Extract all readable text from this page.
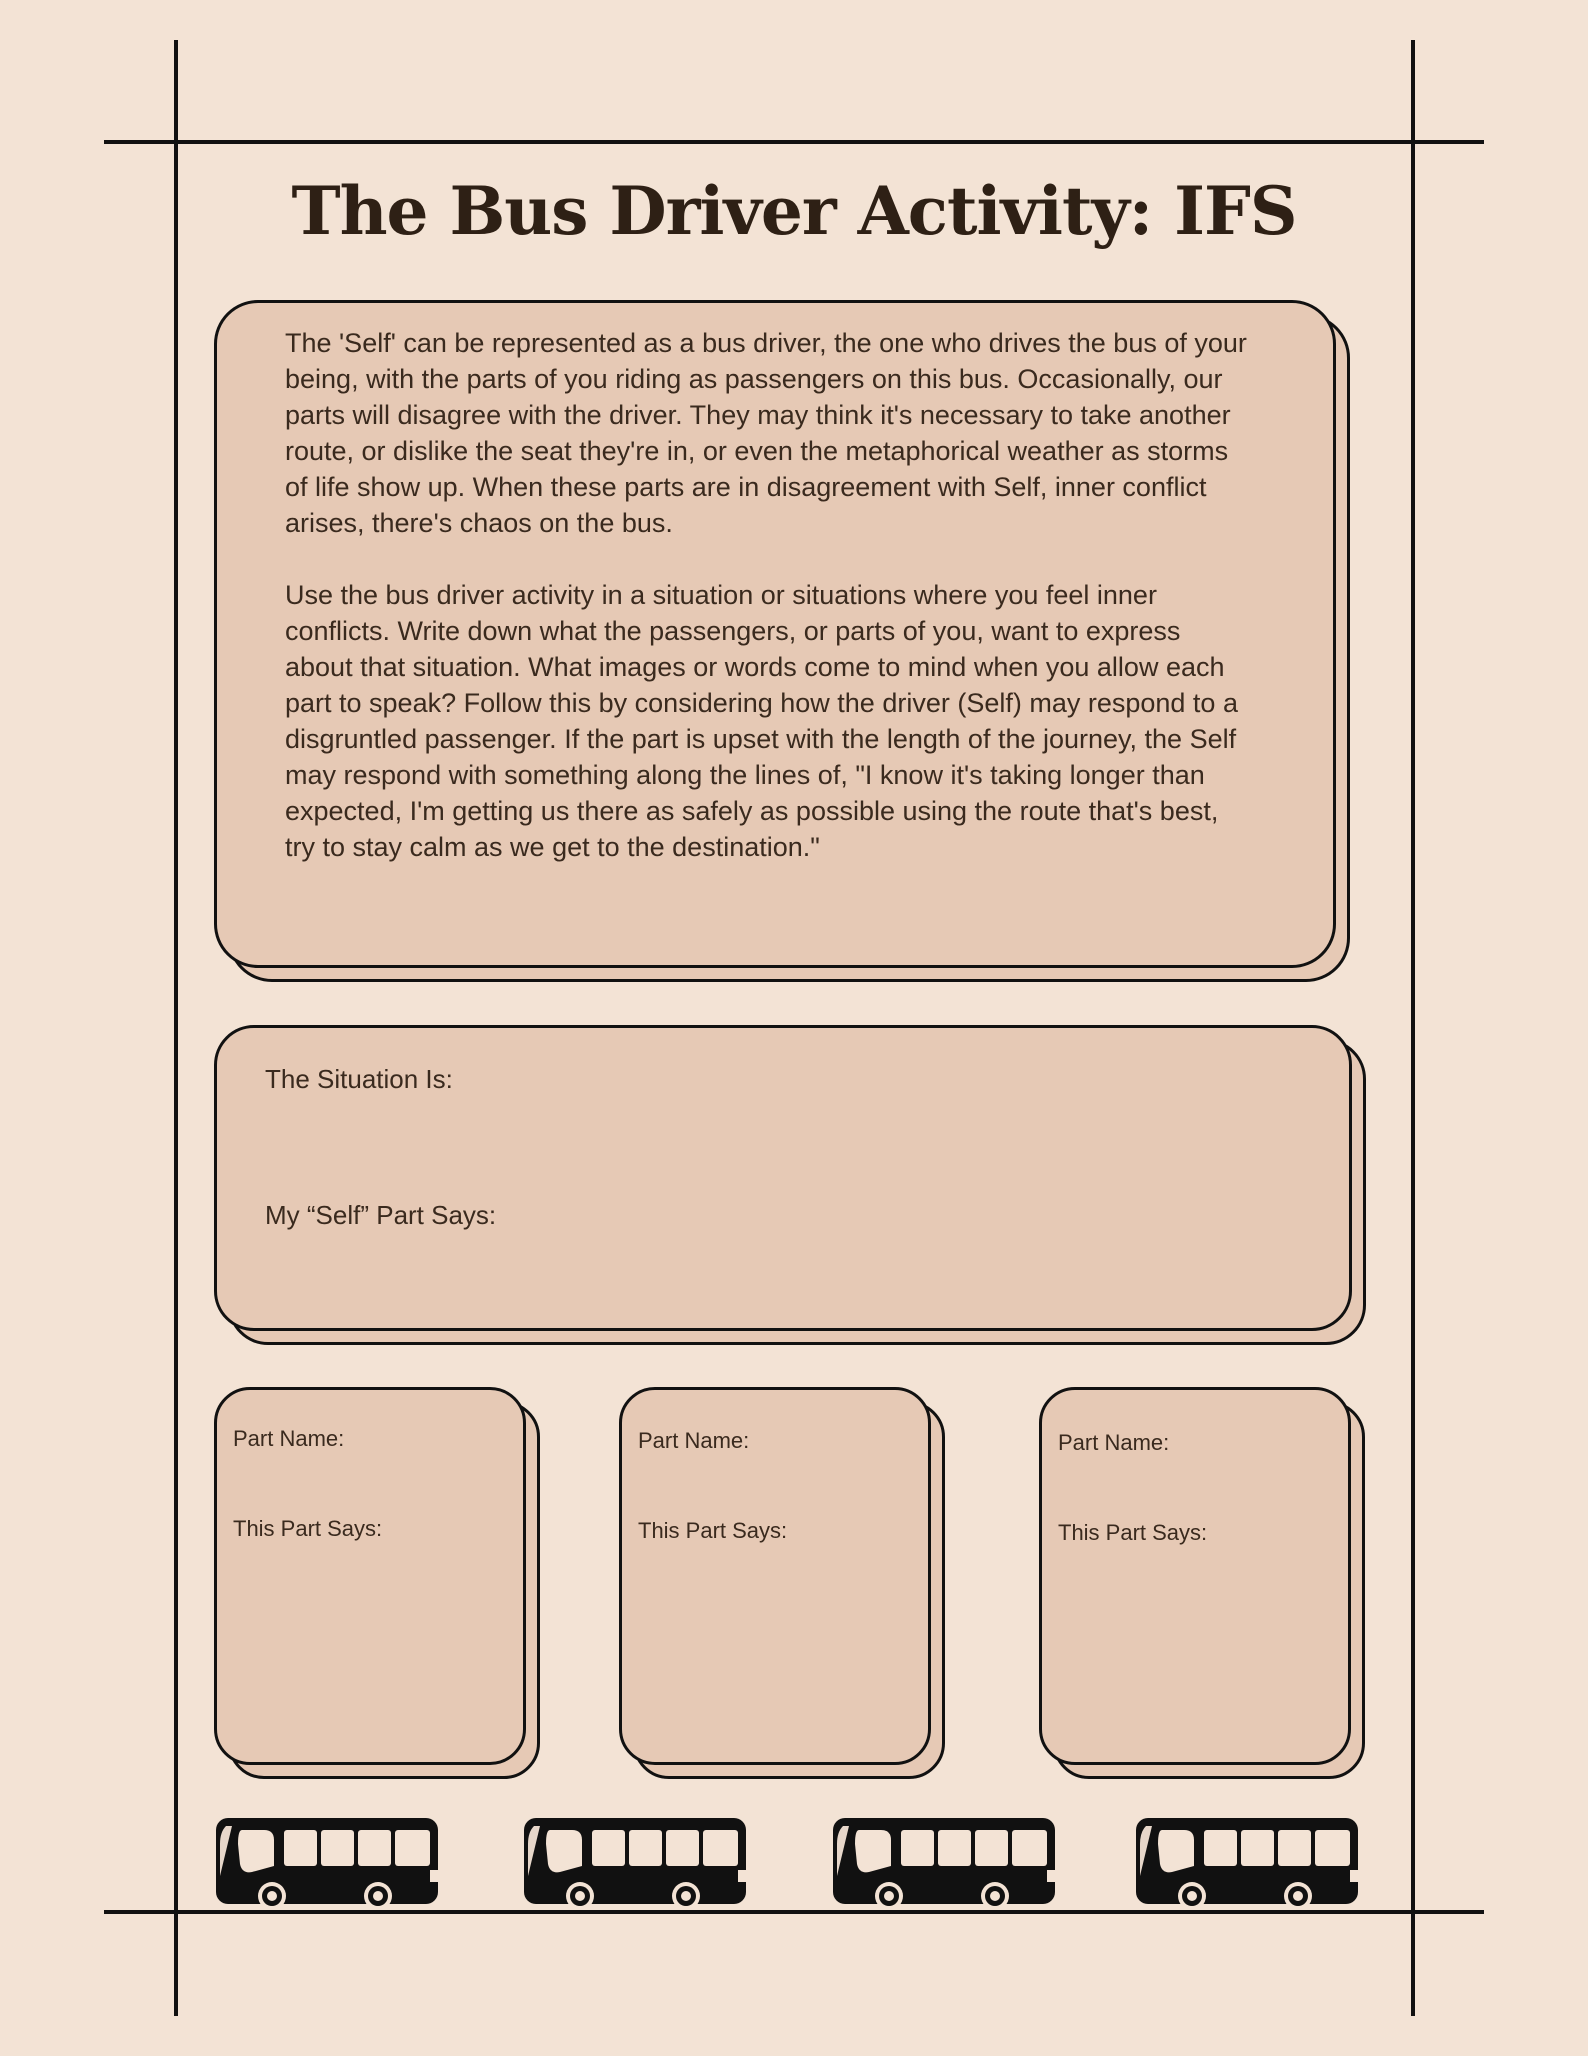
The Bus Driver Activity: IFS

The 'Self' can be represented as a bus driver, the one who drives the bus of your being, with the parts of you riding as passengers on this bus. Occasionally, our parts will disagree with the driver. They may think it's necessary to take another route, or dislike the seat they're in, or even the metaphorical weather as storms of life show up. When these parts are in disagreement with Self, inner conflict arises, there's chaos on the bus.

Use the bus driver activity in a situation or situations where you feel inner conflicts. Write down what the passengers, or parts of you, want to express about that situation. What images or words come to mind when you allow each part to speak? Follow this by considering how the driver (Self) may respond to a disgruntled passenger. If the part is upset with the length of the journey, the Self may respond with something along the lines of, "I know it's taking longer than expected, I'm getting us there as safely as possible using the route that's best, try to stay calm as we get to the destination."

The Situation Is:
My “Self” Part Says:
Part Name:
This Part Says:
Part Name:
This Part Says:
Part Name:
This Part Says:
